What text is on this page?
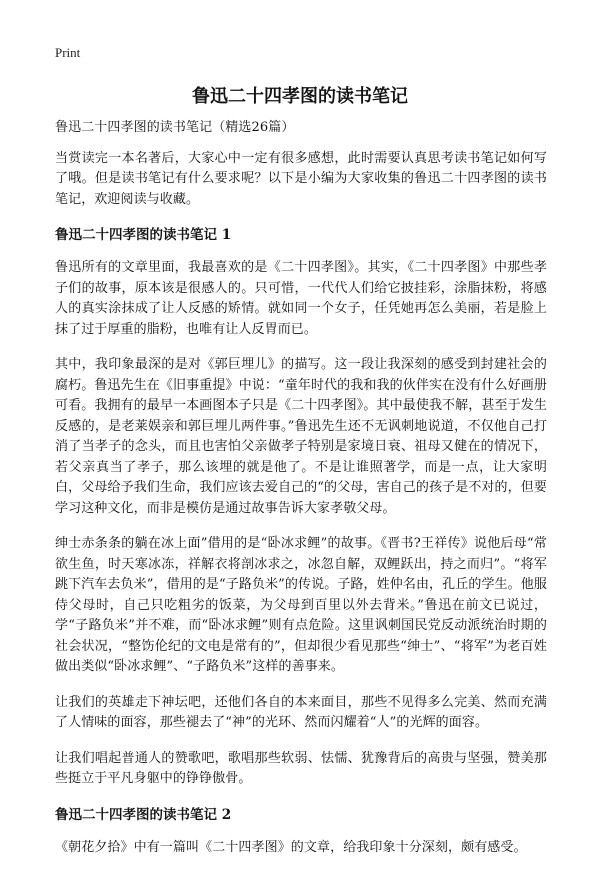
Print
鲁迅二十四孝图的读书笔记

鲁迅二十四孝图的读书笔记（精选26篇）

当赏读完一本名著后，大家心中一定有很多感想，此时需要认真思考读书笔记如何写了哦。但是读书笔记有什么要求呢？以下是小编为大家收集的鲁迅二十四孝图的读书笔记，欢迎阅读与收藏。

鲁迅二十四孝图的读书笔记 1

鲁迅所有的文章里面，我最喜欢的是《二十四孝图》。其实，《二十四孝图》中那些孝子们的故事，原本该是很感人的。只可惜，一代代人们给它披挂彩，涂脂抹粉，将感人的真实涂抹成了让人反感的矫情。就如同一个女子，任凭她再怎么美丽，若是脸上抹了过于厚重的脂粉，也唯有让人反胃而已。

其中，我印象最深的是对《郭巨埋儿》的描写。这一段让我深刻的感受到封建社会的腐朽。鲁迅先生在《旧事重提》中说：“童年时代的我和我的伙伴实在没有什么好画册可看。我拥有的最早一本画图本子只是《二十四孝图》。其中最使我不解，甚至于发生反感的，是老莱娱亲和郭巨埋儿两件事。”鲁迅先生还不无讽刺地说道，不仅他自己打消了当孝子的念头，而且也害怕父亲做孝子特别是家境日衰、祖母又健在的情况下，若父亲真当了孝子，那么该埋的就是他了。不是让谁照著学，而是一点，让大家明白，父母给予我们生命，我们应该去爱自己的“的父母，害自己的孩子是不对的，但要学习这种文化，而非是模仿是通过故事告诉大家孝敬父母。

绅士赤条条的躺在冰上面”借用的是“卧冰求鲤”的故事。《晋书?王祥传》说他后母“常欲生鱼，时天寒冰冻，祥解衣将剖冰求之，冰忽自解，双鲤跃出，持之而归”。“将军跳下汽车去负米”，借用的是“子路负米”的传说。子路，姓仲名由，孔丘的学生。他服侍父母时，自己只吃粗劣的饭菜，为父母到百里以外去背米。”鲁迅在前文已说过，学“子路负米”并不难，而“卧冰求鲤”则有点危险。这里讽刺国民党反动派统治时期的社会状况，“整饬伦纪的文电是常有的”，但却很少看见那些“绅士”、“将军”为老百姓做出类似“卧冰求鲤”、“子路负米”这样的善事来。

让我们的英雄走下神坛吧，还他们各自的本来面目，那些不见得多么完美、然而充满了人情味的面容，那些褪去了“神”的光环、然而闪耀着“人”的光辉的面容。

让我们唱起普通人的赞歌吧，歌唱那些软弱、怯懦、犹豫背后的高贵与坚强，赞美那些挺立于平凡身躯中的铮铮傲骨。

鲁迅二十四孝图的读书笔记 2

《朝花夕拾》中有一篇叫《二十四孝图》的文章，给我印象十分深刻，颇有感受。
